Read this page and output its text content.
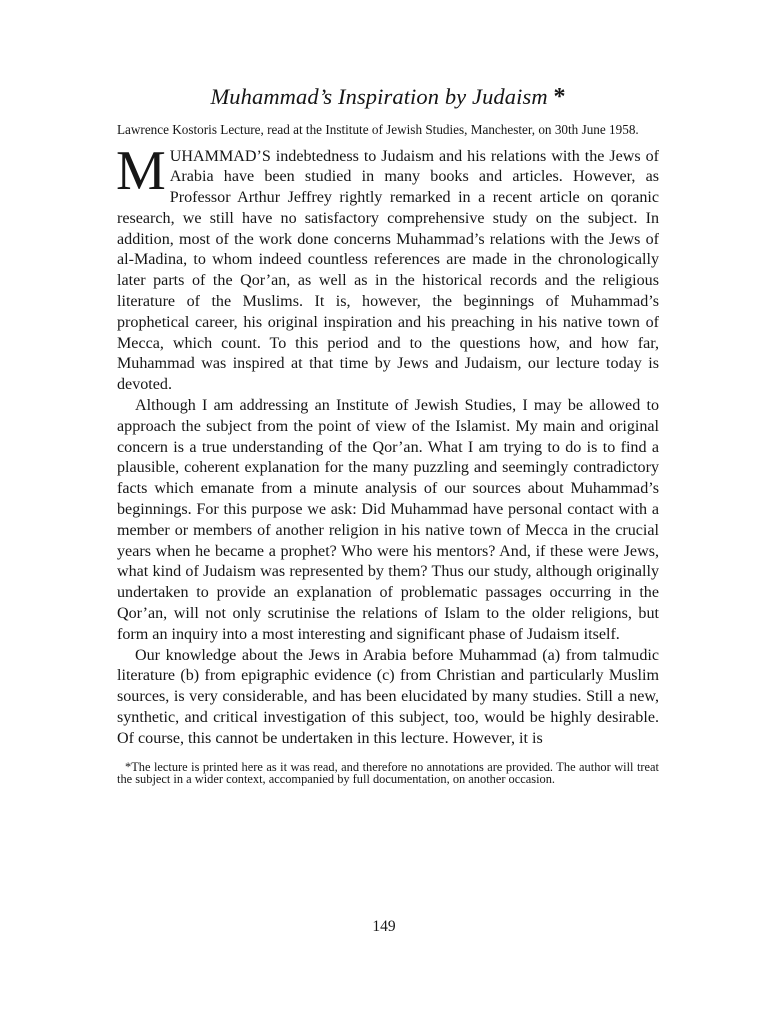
Muhammad’s Inspiration by Judaism *
Lawrence Kostoris Lecture, read at the Institute of Jewish Studies, Manchester, on 30th June 1958.

MUHAMMAD’S indebtedness to Judaism and his relations with the Jews of Arabia have been studied in many books and articles. However, as Professor Arthur Jeffrey rightly remarked in a recent article on qoranic research, we still have no satisfactory comprehensive study on the subject. In addition, most of the work done concerns Muhammad’s relations with the Jews of al-Madina, to whom indeed countless references are made in the chronologically later parts of the Qor’an, as well as in the historical records and the religious literature of the Muslims. It is, however, the beginnings of Muhammad’s prophetical career, his original inspiration and his preaching in his native town of Mecca, which count. To this period and to the questions how, and how far, Muhammad was inspired at that time by Jews and Judaism, our lecture today is devoted.

Although I am addressing an Institute of Jewish Studies, I may be allowed to approach the subject from the point of view of the Islamist. My main and original concern is a true understanding of the Qor’an. What I am trying to do is to find a plausible, coherent explanation for the many puzzling and seemingly contradictory facts which emanate from a minute analysis of our sources about Muhammad’s beginnings. For this purpose we ask: Did Muhammad have personal contact with a member or members of another religion in his native town of Mecca in the crucial years when he became a prophet? Who were his mentors? And, if these were Jews, what kind of Judaism was represented by them? Thus our study, although originally undertaken to provide an explanation of problematic passages occurring in the Qor’an, will not only scrutinise the relations of Islam to the older religions, but form an inquiry into a most interesting and significant phase of Judaism itself.

Our knowledge about the Jews in Arabia before Muhammad (a) from talmudic literature (b) from epigraphic evidence (c) from Christian and particularly Muslim sources, is very considerable, and has been elucidated by many studies. Still a new, synthetic, and critical investigation of this subject, too, would be highly desirable. Of course, this cannot be undertaken in this lecture. However, it is

*The lecture is printed here as it was read, and therefore no annotations are provided. The author will treat the subject in a wider context, accompanied by full documentation, on another occasion.
149
